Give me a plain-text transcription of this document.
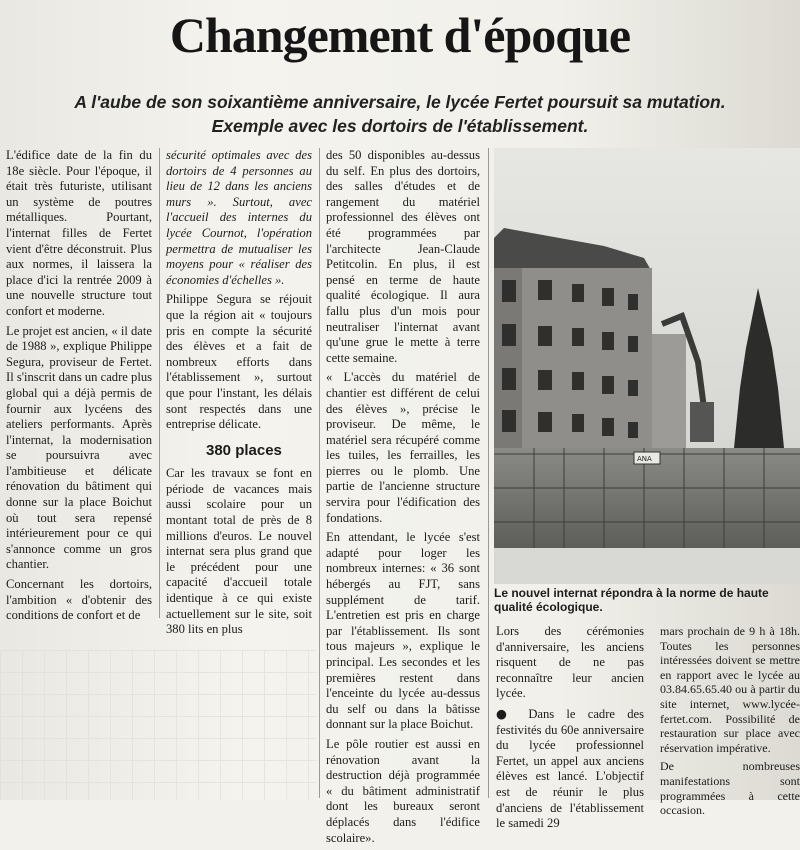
Changement d'époque
A l'aube de son soixantième anniversaire, le lycée Fertet poursuit sa mutation.
Exemple avec les dortoirs de l'établissement.

L'édifice date de la fin du 18e siècle. Pour l'époque, il était très futuriste, utilisant un système de poutres métalliques. Pourtant, l'internat filles de Fertet vient d'être déconstruit. Plus aux normes, il laissera la place d'ici la rentrée 2009 à une nouvelle structure tout confort et moderne.

Le projet est ancien, « il date de 1988 », explique Philippe Segura, proviseur de Fertet. Il s'inscrit dans un cadre plus global qui a déjà permis de fournir aux lycéens des ateliers performants. Après l'internat, la modernisation se poursuivra avec l'ambitieuse et délicate rénovation du bâtiment qui donne sur la place Boichut où tout sera repensé intérieurement pour ce qui s'annonce comme un gros chantier.

Concernant les dortoirs, l'ambition « d'obtenir des conditions de confort et de

sécurité optimales avec des dortoirs de 4 personnes au lieu de 12 dans les anciens murs ». Surtout, avec l'accueil des internes du lycée Cournot, l'opération permettra de mutualiser les moyens pour « réaliser des économies d'échelles ».

Philippe Segura se réjouit que la région ait « toujours pris en compte la sécurité des élèves et a fait de nombreux efforts dans l'établissement », surtout que pour l'instant, les délais sont respectés dans une entreprise délicate.

380 places

Car les travaux se font en période de vacances mais aussi scolaire pour un montant total de près de 8 millions d'euros. Le nouvel internat sera plus grand que le précédent pour une capacité d'accueil totale identique à ce qui existe actuellement sur le site, soit 380 lits en plus

des 50 disponibles au-dessus du self. En plus des dortoirs, des salles d'études et de rangement du matériel professionnel des élèves ont été programmées par l'architecte Jean-Claude Petitcolin. En plus, il est pensé en terme de haute qualité écologique. Il aura fallu plus d'un mois pour neutraliser l'internat avant qu'une grue le mette à terre cette semaine.

« L'accès du matériel de chantier est différent de celui des élèves », précise le proviseur. De même, le matériel sera récupéré comme les tuiles, les ferrailles, les pierres ou le plomb. Une partie de l'ancienne structure servira pour l'édification des fondations.

En attendant, le lycée s'est adapté pour loger les nombreux internes: « 36 sont hébergés au FJT, sans supplément de tarif. L'entretien est pris en charge par l'établissement. Ils sont tous majeurs », explique le principal. Les secondes et les premières restent dans l'enceinte du lycée au-dessus du self ou dans la bâtisse donnant sur la place Boichut.

Le pôle routier est aussi en rénovation avant la destruction déjà programmée « du bâtiment administratif dont les bureaux seront déplacés dans l'édifice scolaire».

ANA
Le nouvel internat répondra à la norme de haute qualité écologique.

Lors des cérémonies d'anniversaire, les anciens risquent de ne pas reconnaître leur ancien lycée.

● Dans le cadre des festivités du 60e anniversaire du lycée professionnel Fertet, un appel aux anciens élèves est lancé. L'objectif est de réunir le plus d'anciens de l'établissement le samedi 29

mars prochain de 9 h à 18h. Toutes les personnes intéressées doivent se mettre en rapport avec le lycée au 03.84.65.65.40 ou à partir du site internet, www.lycée-fertet.com. Possibilité de restauration sur place avec réservation impérative.

De nombreuses manifestations sont programmées à cette occasion.
